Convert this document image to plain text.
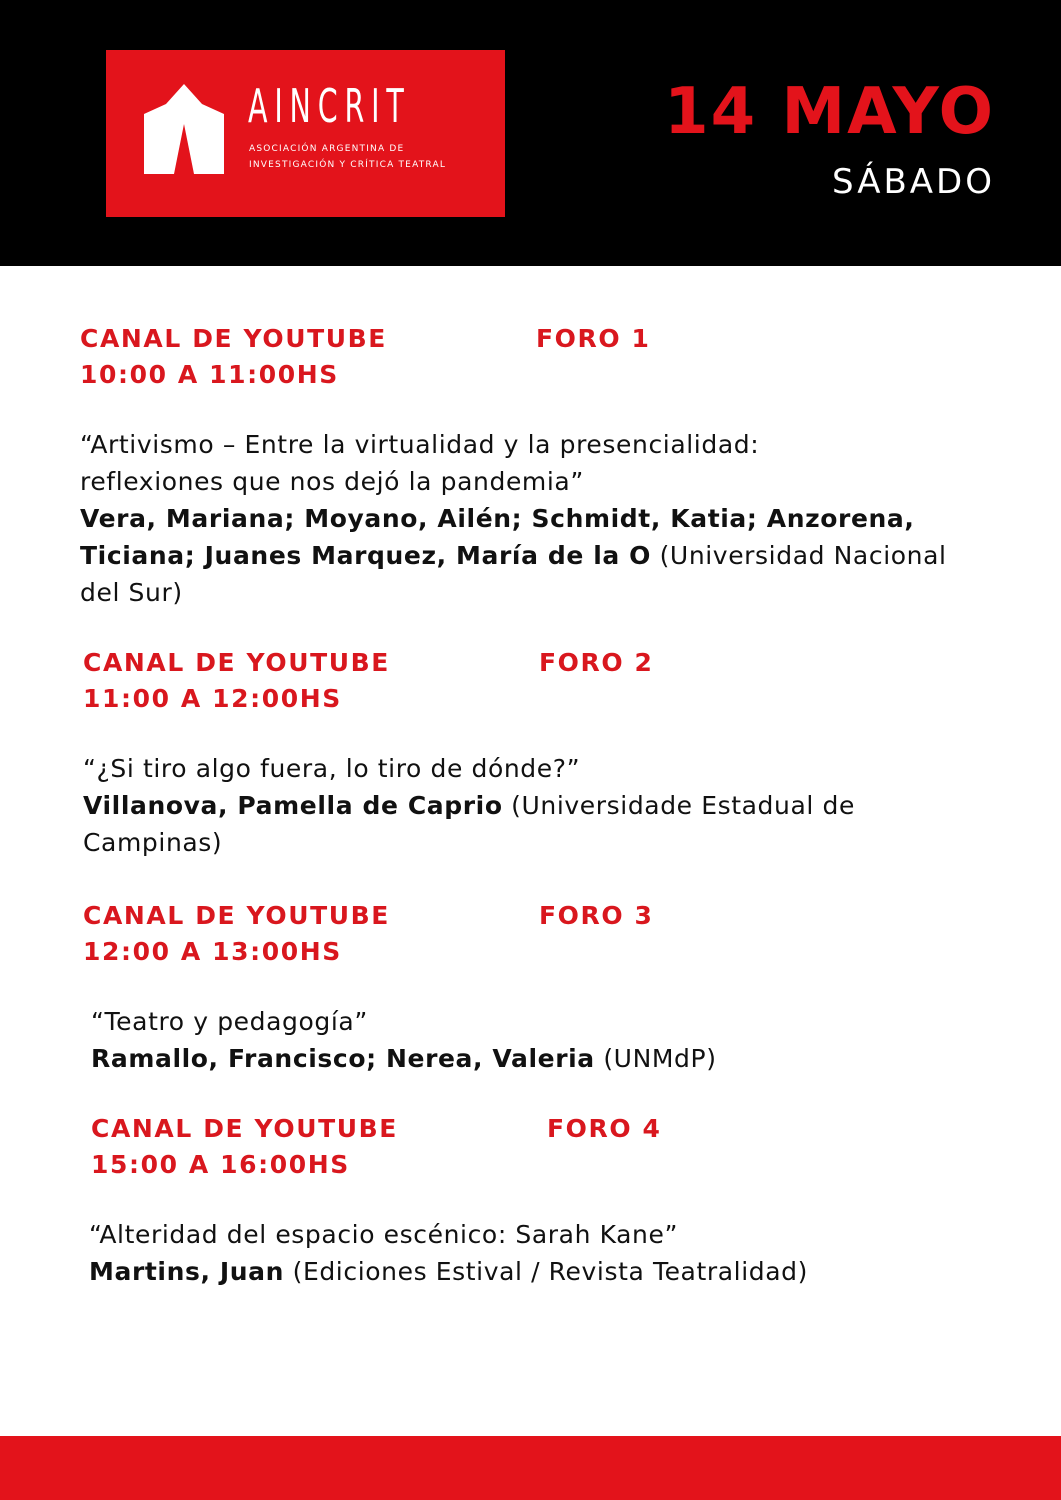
AINCRIT
ASOCIACIÓN ARGENTINA DE
INVESTIGACIÓN Y CRÍTICA TEATRAL
14 MAYO
SÁBADO
CANAL DE YOUTUBE	FORO 1
10:00 A 11:00HS
“Artivismo – Entre la virtualidad y la presencialidad: reflexiones que nos dejó la pandemia”
Vera, Mariana; Moyano, Ailén; Schmidt, Katia; Anzorena, Ticiana; Juanes Marquez, María de la O (Universidad Nacional del Sur)
CANAL DE YOUTUBE	FORO 2
11:00 A 12:00HS
“¿Si tiro algo fuera, lo tiro de dónde?”
Villanova, Pamella de Caprio (Universidade Estadual de Campinas)
CANAL DE YOUTUBE	FORO 3
12:00 A 13:00HS
“Teatro y pedagogía”
Ramallo, Francisco; Nerea, Valeria (UNMdP)
CANAL DE YOUTUBE	FORO 4
15:00 A 16:00HS
“Alteridad del espacio escénico: Sarah Kane”
Martins, Juan (Ediciones Estival / Revista Teatralidad)
